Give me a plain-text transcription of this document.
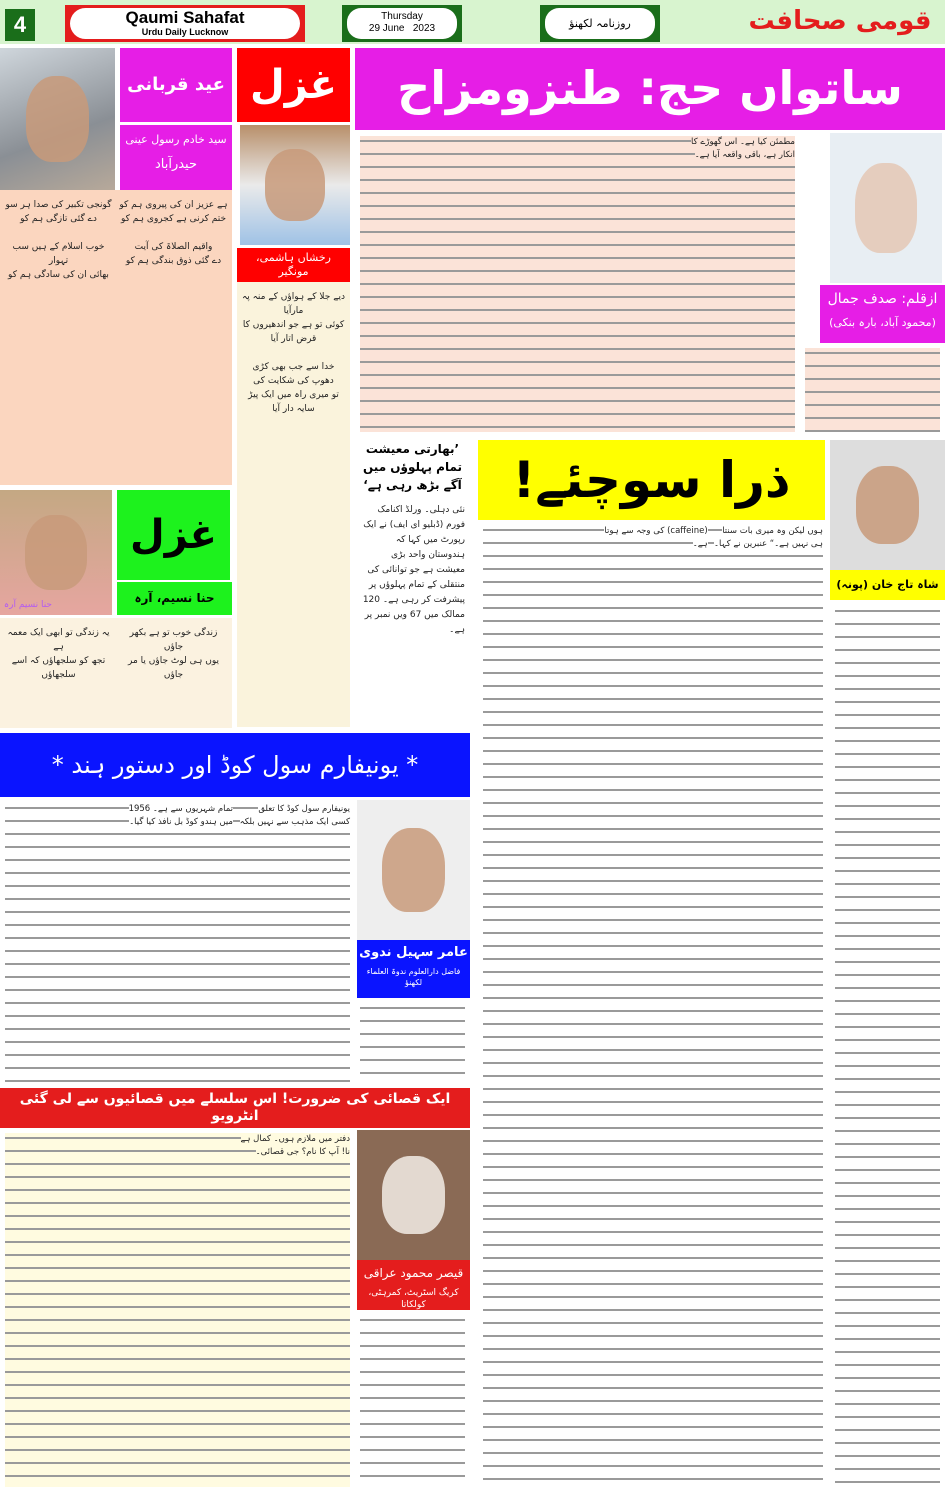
4	Qaumi Sahafat
Urdu Daily Lucknow
Thursday
29 June   2023	روزنامہ لکھنؤ	قومی صحافت
عید قربانی
سید خادم رسول عینی
حیدرآباد

ہے عزیز ان کی پیروی ہم کو
ختم کرنی ہے کجروی ہم کو

واقیم الصلاۃ کی آیت
دے گئی ذوق بندگی ہم کو

گونجی تکبیر کی صدا ہر سو
دے گئی تازگی ہم کو

خوب اسلام کے ہیں سب تہوار
بھائی ان کی سادگی ہم کو

غزل
رخشاں ہاشمی، مونگیر

دیے جلا کے ہواؤں کے منہ پہ مارآیا
کوئی تو ہے جو اندھیروں کا قرض اتار آیا

خدا سے جب بھی کڑی دھوپ کی شکایت کی
تو میری راہ میں ایک پیڑ سایہ دار آیا

ساتواں حج: طنزومزاح
مطمئن کیا ہے۔ اس گھوڑے کا انکار ہے، باقی واقعہ آیا ہے۔
ازقلم: صدف جمال
(محمود آباد، بارہ بنکی)
حنا نسیم آرہ
غزل
حنا نسیم، آرہ

زندگی خوب تو ہے بکھر جاؤں
یوں ہی لوٹ جاؤں یا مر جاؤں

یہ زندگی تو ابھی ایک معمہ ہے
تجھ کو سلجھاؤں کہ اسے سلجھاؤں

’بھارتی معیشت تمام پہلوؤں میں آگے بڑھ رہی ہے‘
نئی دہلی۔ ورلڈ اکنامک فورم (ڈبلیو ای ایف) نے ایک رپورٹ میں کہا کہ ہندوستان واحد بڑی معیشت ہے جو توانائی کی منتقلی کے تمام پہلوؤں پر پیشرفت کر رہی ہے۔ 120 ممالک میں 67 ویں نمبر پر ہے۔
ذرا سوچئے!
شاہ تاج خان (پونہ)
ہوں لیکن وہ میری بات سنتا ہی نہیں ہے۔“ عنبرین نے کہا۔ (caffeine) کی وجہ سے ہوتا ہے۔
* یونیفارم سول کوڈ اور دستور ہند *
یونیفارم سول کوڈ کا تعلق کسی ایک مذہب سے نہیں بلکہ تمام شہریوں سے ہے۔ 1956 میں ہندو کوڈ بل نافذ کیا گیا۔
عامر سہیل ندوی
فاضل دارالعلوم ندوۃ العلماء لکھنؤ
ایک قصائی کی ضرورت! اس سلسلے میں قصائیوں سے لی گئی انٹرویو
دفتر میں ملازم ہوں۔ کمال ہے نا! آپ کا نام؟ جی قصائی۔
قیصر محمود عراقی
کریگ اسٹریٹ، کمرہٹی، کولکاتا
